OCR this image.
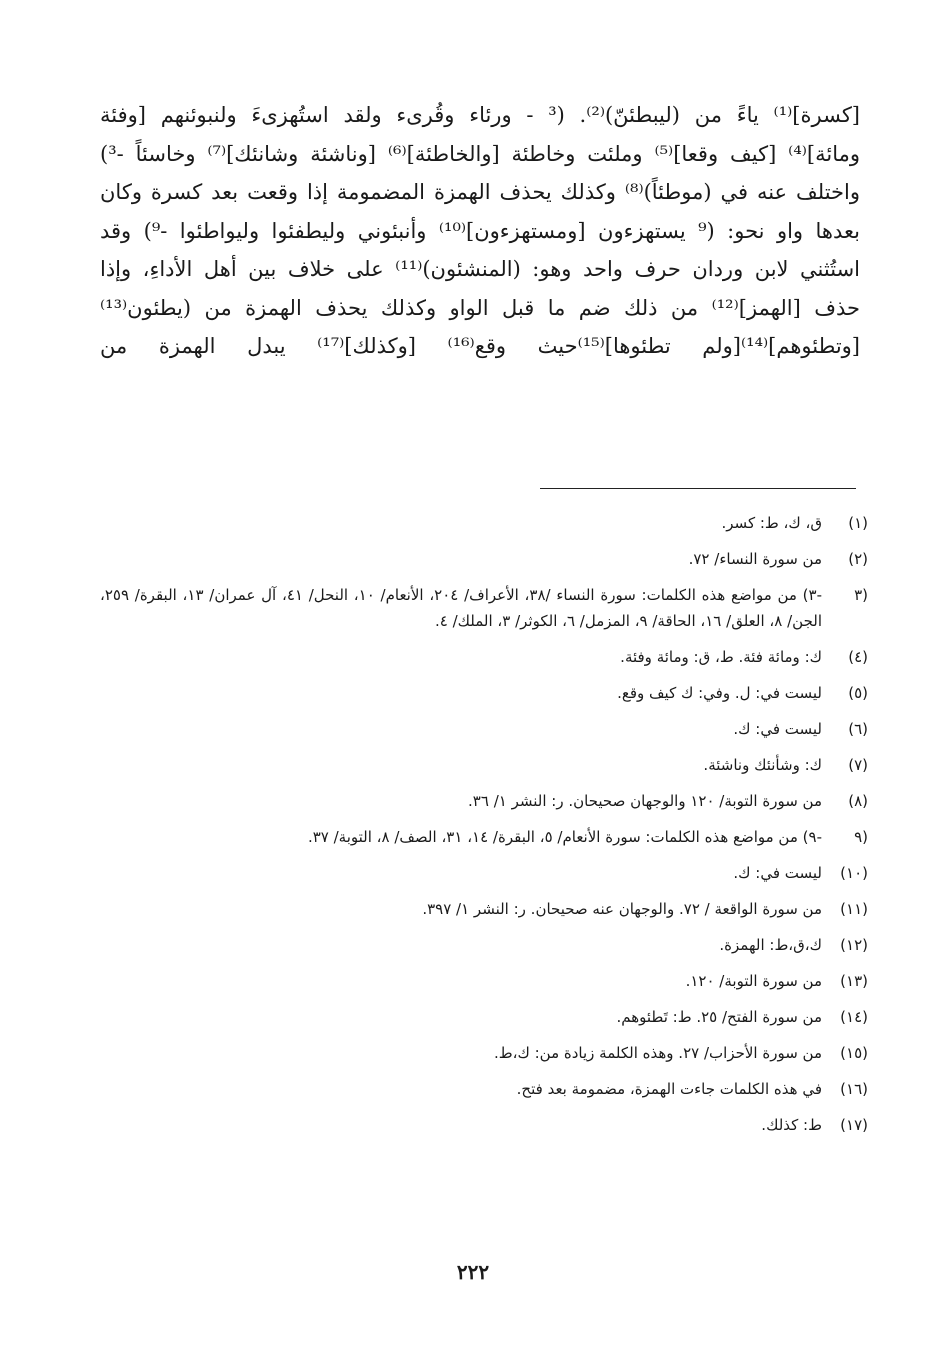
[كسرة]⁽¹⁾ ياءً من (ليبطئنّ)⁽²⁾. (³ - ورئاء وقُرىء ولقد استُهزىءَ ولنبوئنهم [وفئة
ومائة]⁽⁴⁾ [كيف وقعا]⁽⁵⁾ وملئت وخاطئة [والخاطئة]⁽⁶⁾ [وناشئة وشانئك]⁽⁷⁾ وخاسئاً -³)
واختلف عنه في (موطئاً)⁽⁸⁾ وكذلك يحذف الهمزة المضمومة إذا وقعت بعد كسرة وكان
بعدها واو نحو: (⁹ يستهزءون [ومستهزءون]⁽¹⁰⁾ وأنبئوني وليطفئوا وليواطئوا -⁹) وقد
استُثني لابن وردان حرف واحد وهو: (المنشئون)⁽¹¹⁾ على خلاف بين أهل الأداءِ، وإذا
حذف [الهمز]⁽¹²⁾ من ذلك ضم ما قبل الواو وكذلك يحذف الهمزة من (يطئون⁽¹³⁾
[وتطئوهم]⁽¹⁴⁾[ولم تطئوها]⁽¹⁵⁾حيث وقع⁽¹⁶⁾ [وكذلك]⁽¹⁷⁾ يبدل الهمزة من
(١)
ق، ك، ط: كسر.
(٢)
من سورة النساء/ ٧٢.
(٣
-٣) من مواضع هذه الكلمات: سورة النساء /٣٨، الأعراف/ ٢٠٤، الأنعام/ ١٠، النحل/ ٤١، آل عمران/ ١٣، البقرة/ ٢٥٩، الجن/ ٨، العلق/ ١٦، الحاقة/ ٩، المزمل/ ٦، الكوثر/ ٣، الملك/ ٤.
(٤)
ك: ومائة فئة. ط، ق: ومائة وفئة.
(٥)
ليست في: ل. وفي: ك كيف وقع.
(٦)
ليست في: ك.
(٧)
ك: وشأنئك وناشئة.
(٨)
من سورة التوبة/ ١٢٠ والوجهان صحيحان. ر: النشر ١/ ٣٦.
(٩
-٩) من مواضع هذه الكلمات: سورة الأنعام/ ٥، البقرة/ ١٤، ٣١، الصف/ ٨، التوبة/ ٣٧.
(١٠)
ليست في: ك.
(١١)
من سورة الواقعة / ٧٢. والوجهان عنه صحيحان. ر: النشر ١/ ٣٩٧.
(١٢)
ك،ق،ط: الهمزة.
(١٣)
من سورة التوبة/ ١٢٠.
(١٤)
من سورة الفتح/ ٢٥. ط: تَطئوهم.
(١٥)
من سورة الأحزاب/ ٢٧. وهذه الكلمة زيادة من: ك،ط.
(١٦)
في هذه الكلمات جاءت الهمزة، مضمومة بعد فتح.
(١٧)
ط: كذلك.
٢٢٢
